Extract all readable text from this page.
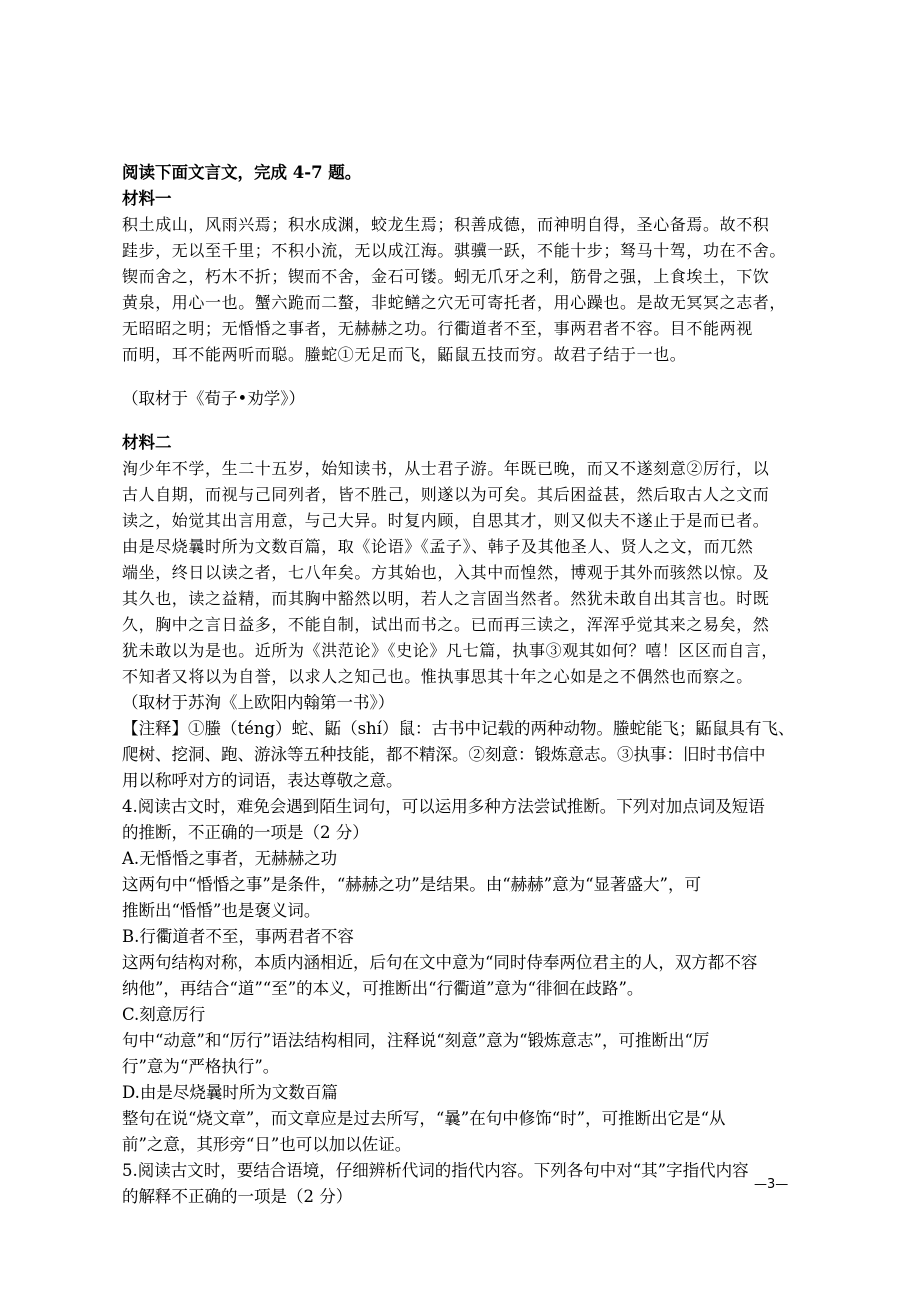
阅读下面文言文，完成 4-7 题。
材料一
积土成山，风雨兴焉；积水成渊，蛟龙生焉；积善成德，而神明自得，圣心备焉。故不积
跬步，无以至千里；不积小流，无以成江海。骐骥一跃，不能十步；驽马十驾，功在不舍。
锲而舍之，朽木不折；锲而不舍，金石可镂。蚓无爪牙之利，筋骨之强，上食埃土，下饮
黄泉，用心一也。蟹六跪而二螯，非蛇鳝之穴无可寄托者，用心躁也。是故无冥冥之志者，
无昭昭之明；无惛惛之事者，无赫赫之功。行衢道者不至，事两君者不容。目不能两视
而明，耳不能两听而聪。螣蛇①无足而飞，鼫鼠五技而穷。故君子结于一也。
（取材于《荀子•劝学》）
材料二
洵少年不学，生二十五岁，始知读书，从士君子游。年既已晚，而又不遂刻意②厉行，以
古人自期，而视与己同列者，皆不胜己，则遂以为可矣。其后困益甚，然后取古人之文而
读之，始觉其出言用意，与己大异。时复内顾，自思其才，则又似夫不遂止于是而已者。
由是尽烧曩时所为文数百篇，取《论语》《孟子》、韩子及其他圣人、贤人之文，而兀然
端坐，终日以读之者，七八年矣。方其始也，入其中而惶然，博观于其外而骇然以惊。及
其久也，读之益精，而其胸中豁然以明，若人之言固当然者。然犹未敢自出其言也。时既
久，胸中之言日益多，不能自制，试出而书之。已而再三读之，浑浑乎觉其来之易矣，然
犹未敢以为是也。近所为《洪范论》《史论》凡七篇，执事③观其如何？嘻！区区而自言，
不知者又将以为自誉，以求人之知己也。惟执事思其十年之心如是之不偶然也而察之。
（取材于苏洵《上欧阳内翰第一书》）
【注释】①螣（téng）蛇、鼫（shí）鼠：古书中记载的两种动物。螣蛇能飞；鼫鼠具有飞、
爬树、挖洞、跑、游泳等五种技能，都不精深。②刻意：锻炼意志。③执事：旧时书信中
用以称呼对方的词语，表达尊敬之意。
4.阅读古文时，难免会遇到陌生词句，可以运用多种方法尝试推断。下列对加点词及短语
的推断，不正确的一项是（2 分）
A.无惛惛之事者，无赫赫之功
这两句中“惛惛之事”是条件，“赫赫之功”是结果。由“赫赫”意为“显著盛大”，可
推断出“惛惛”也是褒义词。
B.行衢道者不至，事两君者不容
这两句结构对称，本质内涵相近，后句在文中意为“同时侍奉两位君主的人，双方都不容
纳他”，再结合“道”“至”的本义，可推断出“行衢道”意为“徘徊在歧路”。
C.刻意厉行
句中“动意”和“厉行”语法结构相同，注释说“刻意”意为“锻炼意志”，可推断出“厉
行”意为“严格执行”。
D.由是尽烧曩时所为文数百篇
整句在说“烧文章”，而文章应是过去所写，“曩”在句中修饰“时”，可推断出它是“从
前”之意，其形旁“日”也可以加以佐证。
5.阅读古文时，要结合语境，仔细辨析代词的指代内容。下列各句中对“其”字指代内容
的解释不正确的一项是（2 分）
—3—
